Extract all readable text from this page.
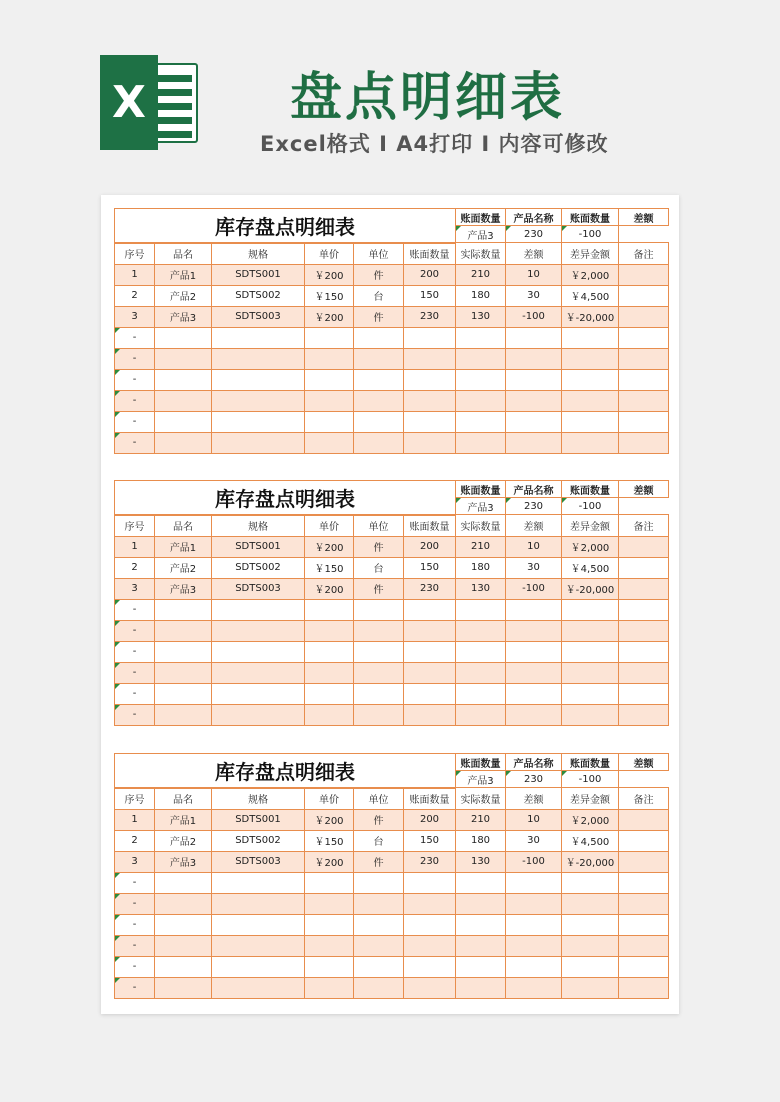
X	盘点明细表
Excel格式 I A4打印 I 内容可修改
库存盘点明细表						账面数量	产品名称	账面数量	差额
						产品3	230	-100	
序号	品名	规格	单价	单位	账面数量	实际数量	差额	差异金额	备注
1	产品1	SDTS001	￥200	件	200	210	10	￥2,000	
2	产品2	SDTS002	￥150	台	150	180	30	￥4,500	
3	产品3	SDTS003	￥200	件	230	130	-100	￥-20,000	
-									
-									
-									
-									
-									
-									
库存盘点明细表						账面数量	产品名称	账面数量	差额
						产品3	230	-100	
序号	品名	规格	单价	单位	账面数量	实际数量	差额	差异金额	备注
1	产品1	SDTS001	￥200	件	200	210	10	￥2,000	
2	产品2	SDTS002	￥150	台	150	180	30	￥4,500	
3	产品3	SDTS003	￥200	件	230	130	-100	￥-20,000	
-									
-									
-									
-									
-									
-									
库存盘点明细表						账面数量	产品名称	账面数量	差额
						产品3	230	-100	
序号	品名	规格	单价	单位	账面数量	实际数量	差额	差异金额	备注
1	产品1	SDTS001	￥200	件	200	210	10	￥2,000	
2	产品2	SDTS002	￥150	台	150	180	30	￥4,500	
3	产品3	SDTS003	￥200	件	230	130	-100	￥-20,000	
-									
-									
-									
-									
-									
-									
